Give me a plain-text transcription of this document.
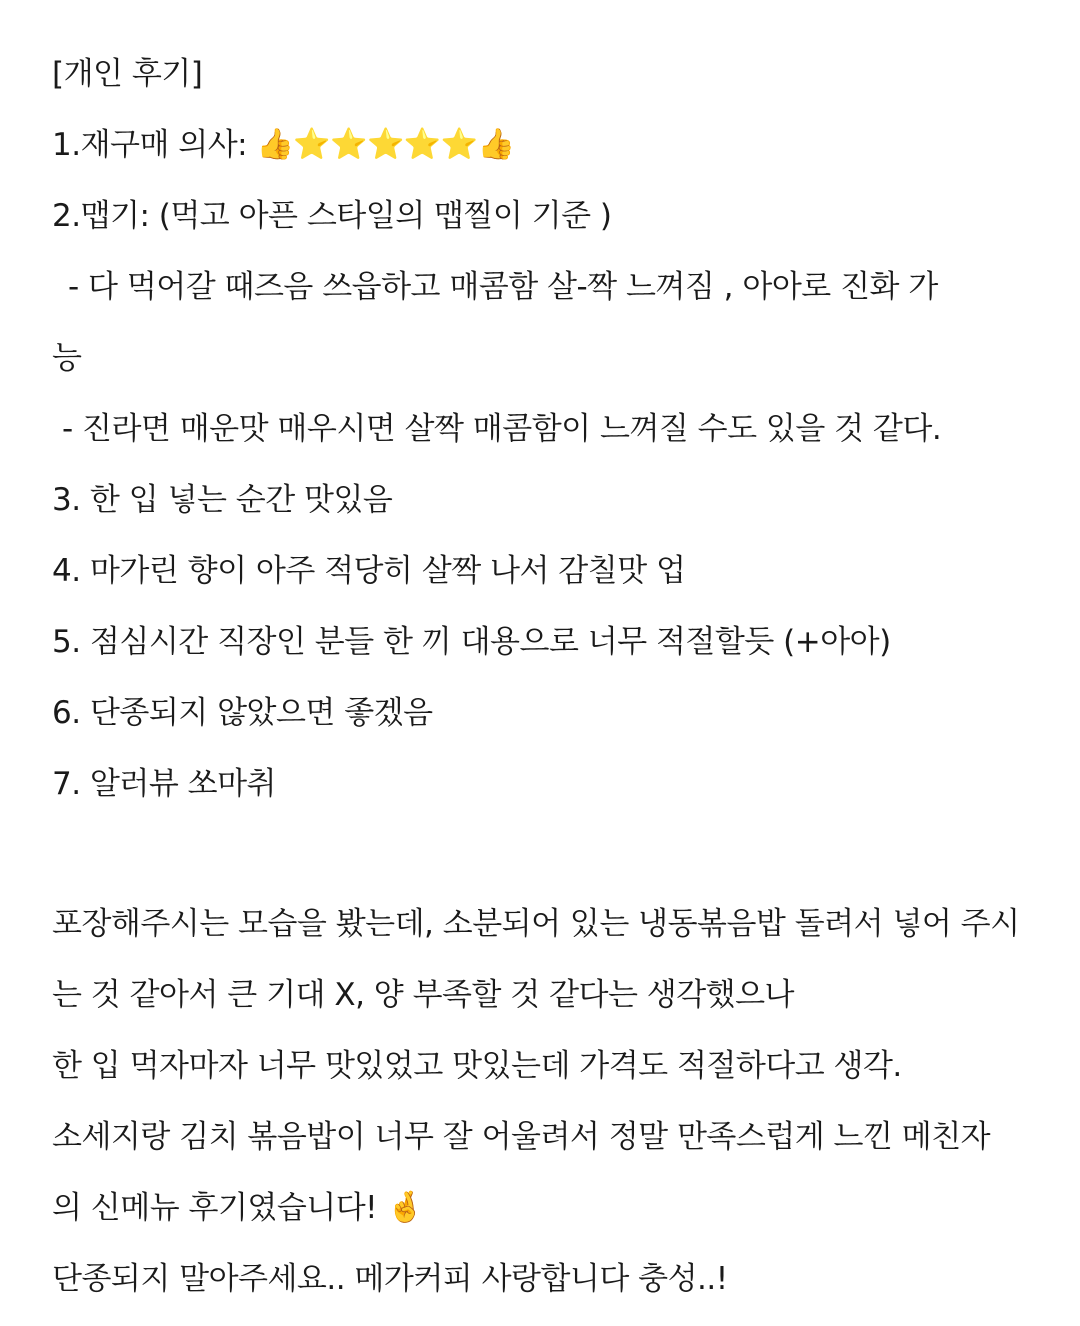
[개인 후기]
1.재구매 의사: 👍⭐⭐⭐⭐⭐👍
2.맵기: (먹고 아픈 스타일의 맵찔이 기준 )
- 다 먹어갈 때즈음 쓰읍하고 매콤함 살-짝 느껴짐 , 아아로 진화 가
능
- 진라면 매운맛 매우시면 살짝 매콤함이 느껴질 수도 있을 것 같다.
3. 한 입 넣는 순간 맛있음
4. 마가린 향이 아주 적당히 살짝 나서 감칠맛 업
5. 점심시간 직장인 분들 한 끼 대용으로 너무 적절할듯 (+아아)
6. 단종되지 않았으면 좋겠음
7. 알러뷰 쏘마취
포장해주시는 모습을 봤는데, 소분되어 있는 냉동볶음밥 돌려서 넣어 주시
는 것 같아서 큰 기대 X, 양 부족할 것 같다는 생각했으나
한 입 먹자마자 너무 맛있었고 맛있는데 가격도 적절하다고 생각.
소세지랑 김치 볶음밥이 너무 잘 어울려서 정말 만족스럽게 느낀 메친자
의 신메뉴 후기였습니다! 🤞
단종되지 말아주세요.. 메가커피 사랑합니다 충성..!
